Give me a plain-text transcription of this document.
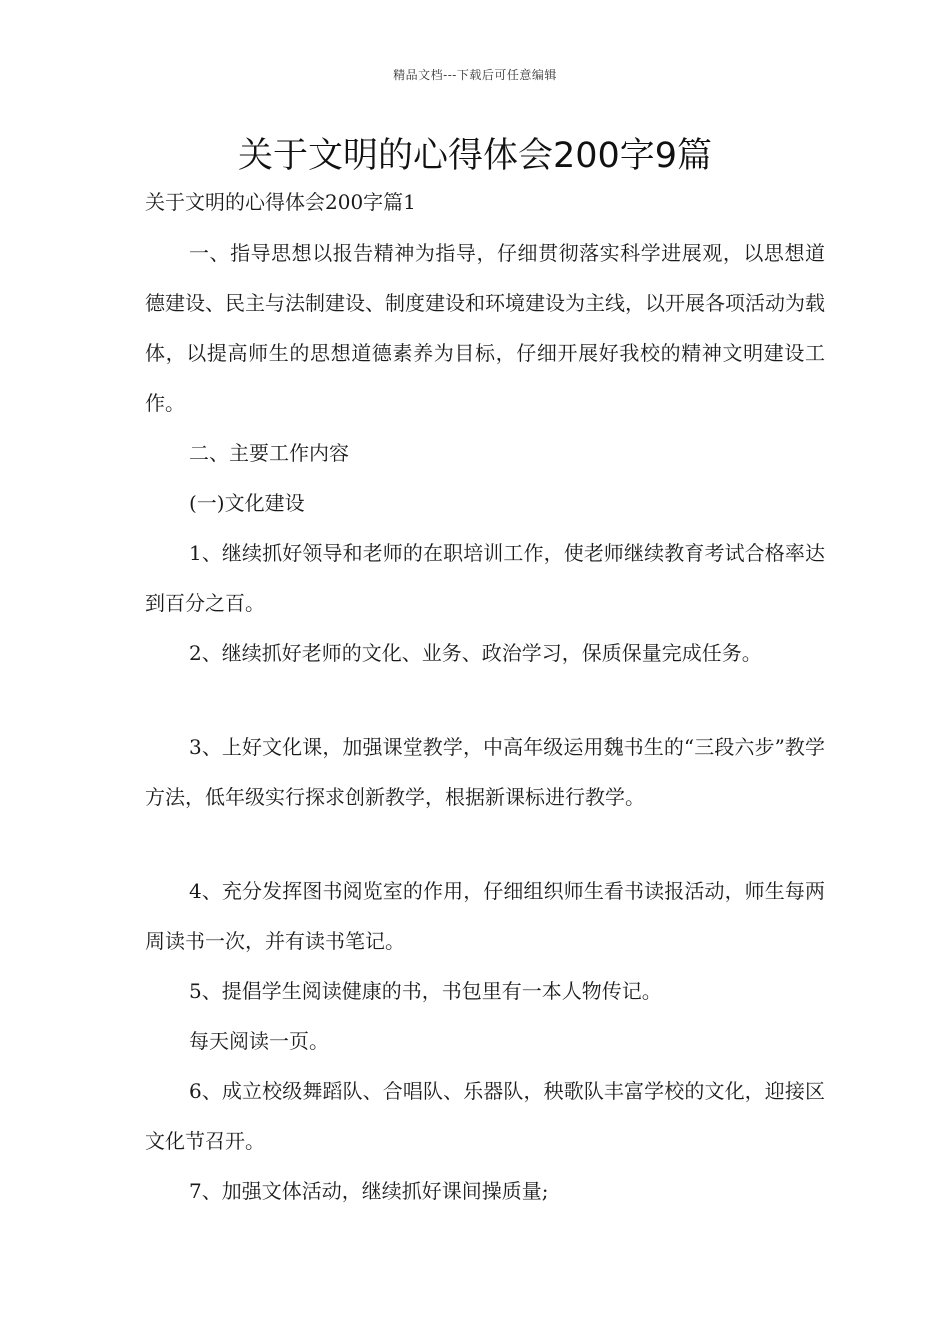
精品文档---下载后可任意编辑
关于文明的心得体会200字9篇
关于文明的心得体会200字篇1

一、指导思想以报告精神为指导，仔细贯彻落实科学进展观，以思想道德建设、民主与法制建设、制度建设和环境建设为主线，以开展各项活动为载体，以提高师生的思想道德素养为目标，仔细开展好我校的精神文明建设工作。

二、主要工作内容

(一)文化建设

1、继续抓好领导和老师的在职培训工作，使老师继续教育考试合格率达到百分之百。

2、继续抓好老师的文化、业务、政治学习，保质保量完成任务。

3、上好文化课，加强课堂教学，中高年级运用魏书生的“三段六步”教学方法，低年级实行探求创新教学，根据新课标进行教学。

4、充分发挥图书阅览室的作用，仔细组织师生看书读报活动，师生每两周读书一次，并有读书笔记。

5、提倡学生阅读健康的书，书包里有一本人物传记。

每天阅读一页。

6、成立校级舞蹈队、合唱队、乐器队，秧歌队丰富学校的文化，迎接区文化节召开。

7、加强文体活动，继续抓好课间操质量;
